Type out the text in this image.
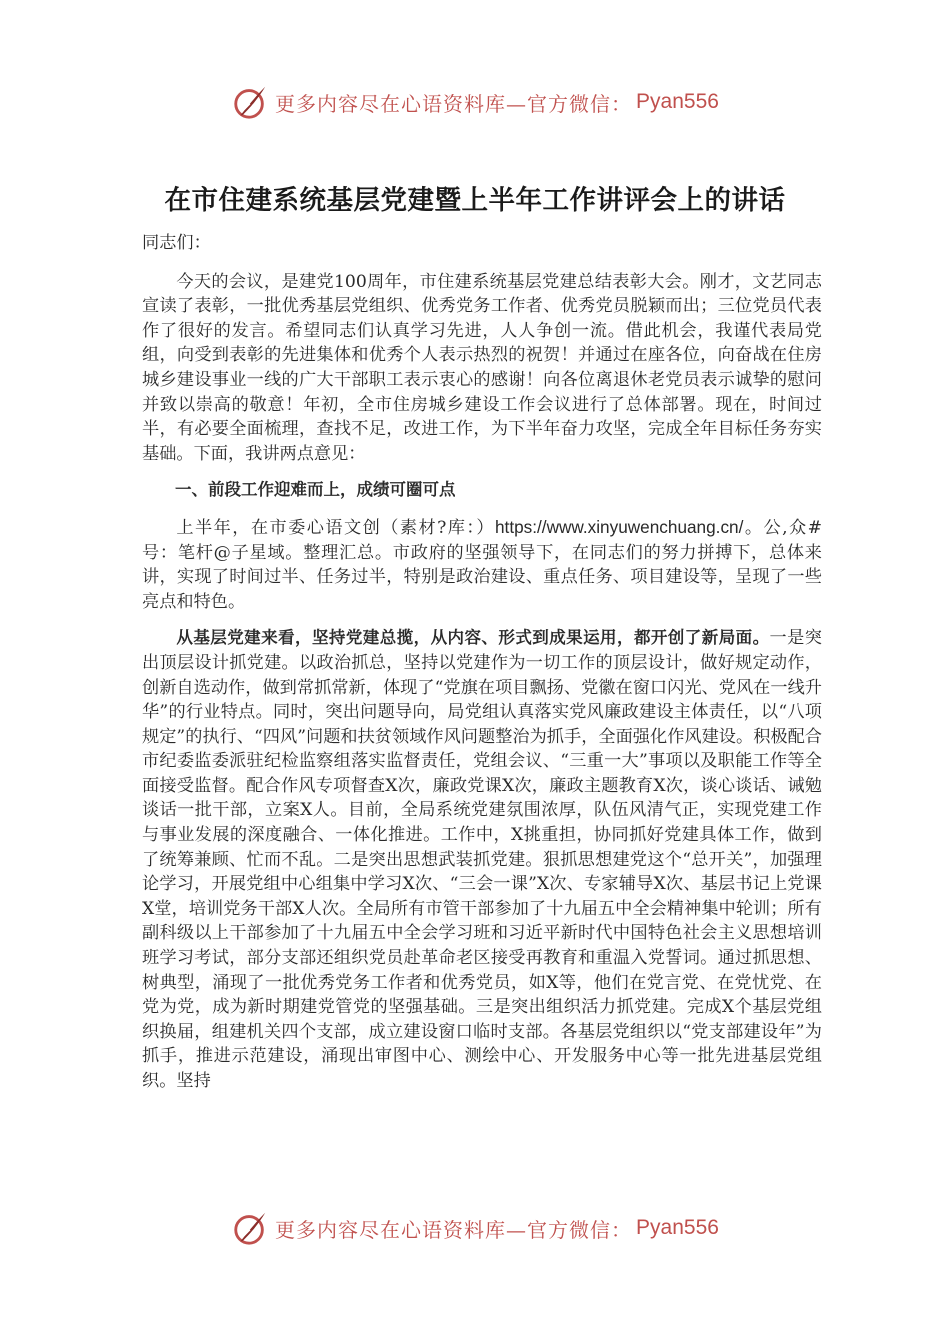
更多内容尽在心语资料库—官方微信： Pyan556
在市住建系统基层党建暨上半年工作讲评会上的讲话

同志们：

今天的会议，是建党100周年，市住建系统基层党建总结表彰大会。刚才，文艺同志宣读了表彰，一批优秀基层党组织、优秀党务工作者、优秀党员脱颖而出；三位党员代表作了很好的发言。希望同志们认真学习先进，人人争创一流。借此机会，我谨代表局党组，向受到表彰的先进集体和优秀个人表示热烈的祝贺！并通过在座各位，向奋战在住房城乡建设事业一线的广大干部职工表示衷心的感谢！向各位离退休老党员表示诚挚的慰问并致以崇高的敬意！年初，全市住房城乡建设工作会议进行了总体部署。现在，时间过半，有必要全面梳理，查找不足，改进工作，为下半年奋力攻坚，完成全年目标任务夯实基础。下面，我讲两点意见：

一、前段工作迎难而上，成绩可圈可点

上半年，在市委心语文创（素材?库：）https://www.xinyuwenchuang.cn/。公,众#号：笔杆@子星域。整理汇总。市政府的坚强领导下，在同志们的努力拼搏下，总体来讲，实现了时间过半、任务过半，特别是政治建设、重点任务、项目建设等，呈现了一些亮点和特色。

从基层党建来看，坚持党建总揽，从内容、形式到成果运用，都开创了新局面。一是突出顶层设计抓党建。以政治抓总，坚持以党建作为一切工作的顶层设计，做好规定动作，创新自选动作，做到常抓常新，体现了“党旗在项目飘扬、党徽在窗口闪光、党风在一线升华”的行业特点。同时，突出问题导向，局党组认真落实党风廉政建设主体责任，以“八项规定”的执行、“四风”问题和扶贫领域作风问题整治为抓手，全面强化作风建设。积极配合市纪委监委派驻纪检监察组落实监督责任，党组会议、“三重一大”事项以及职能工作等全面接受监督。配合作风专项督查X次，廉政党课X次，廉政主题教育X次，谈心谈话、诫勉谈话一批干部，立案X人。目前，全局系统党建氛围浓厚，队伍风清气正，实现党建工作与事业发展的深度融合、一体化推进。工作中，X挑重担，协同抓好党建具体工作，做到了统筹兼顾、忙而不乱。二是突出思想武装抓党建。狠抓思想建党这个“总开关”，加强理论学习，开展党组中心组集中学习X次、“三会一课”X次、专家辅导X次、基层书记上党课X堂，培训党务干部X人次。全局所有市管干部参加了十九届五中全会精神集中轮训；所有副科级以上干部参加了十九届五中全会学习班和习近平新时代中国特色社会主义思想培训班学习考试，部分支部还组织党员赴革命老区接受再教育和重温入党誓词。通过抓思想、树典型，涌现了一批优秀党务工作者和优秀党员，如X等，他们在党言党、在党忧党、在党为党，成为新时期建党管党的坚强基础。三是突出组织活力抓党建。完成X个基层党组织换届，组建机关四个支部，成立建设窗口临时支部。各基层党组织以“党支部建设年”为抓手，推进示范建设，涌现出审图中心、测绘中心、开发服务中心等一批先进基层党组织。坚持

更多内容尽在心语资料库—官方微信： Pyan556
